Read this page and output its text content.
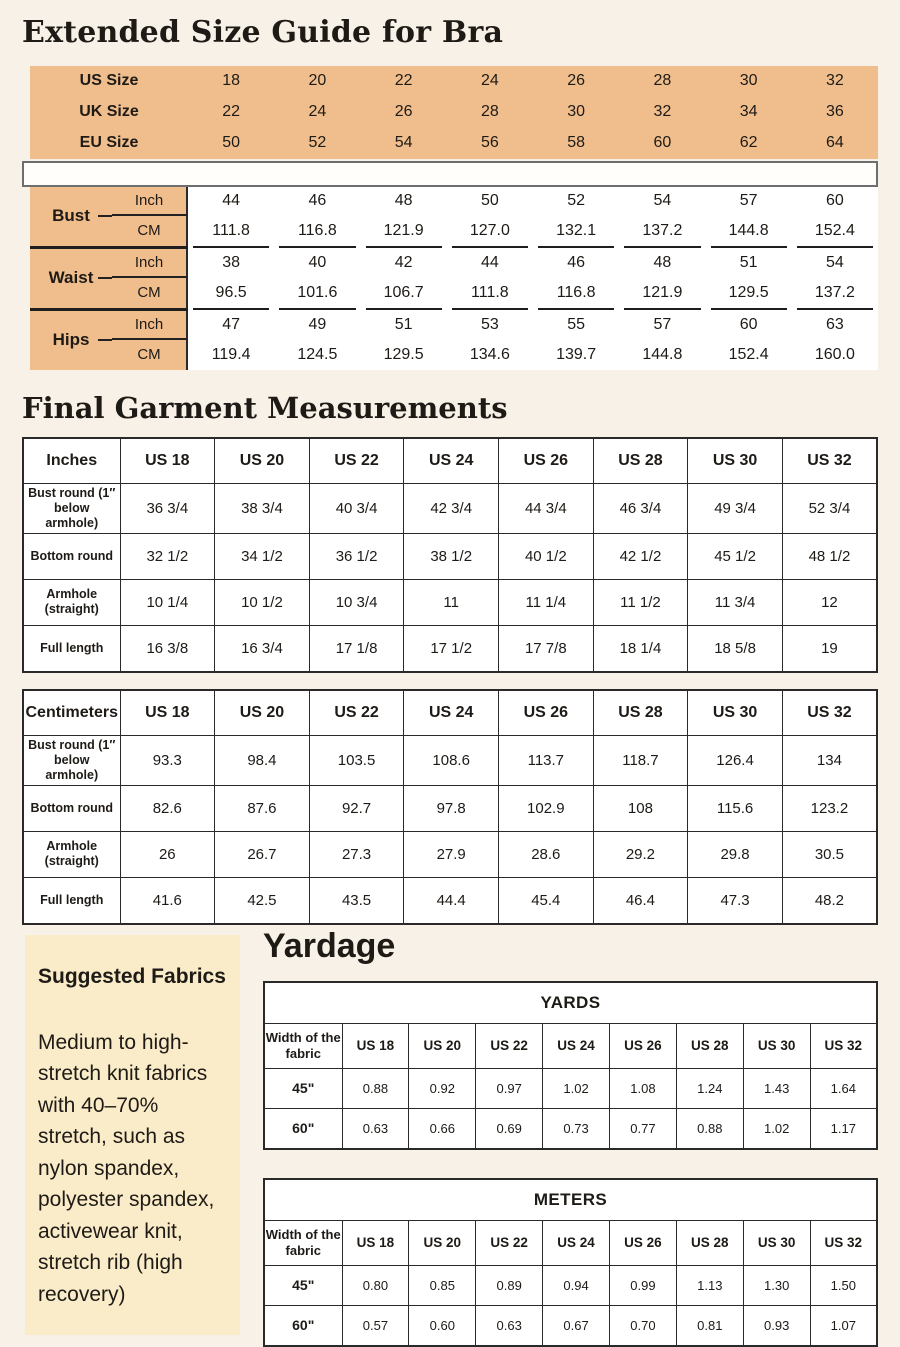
Extended Size Guide for Bra
US Size	18	20	22	24	26	28	30	32
UK Size	22	24	26	28	30	32	34	36
EU Size	50	52	54	56	58	60	62	64
Bust
Inch	44	46	48	50	52	54	57	60
CM	111.8	116.8	121.9	127.0	132.1	137.2	144.8	152.4
Waist
Inch	38	40	42	44	46	48	51	54
CM	96.5	101.6	106.7	111.8	116.8	121.9	129.5	137.2
Hips
Inch	47	49	51	53	55	57	60	63
CM	119.4	124.5	129.5	134.6	139.7	144.8	152.4	160.0
Final Garment Measurements
Inches	US 18	US 20	US 22	US 24	US 26	US 28	US 30	US 32
Bust round (1″ below armhole)	36 3/4	38 3/4	40 3/4	42 3/4	44 3/4	46 3/4	49 3/4	52 3/4
Bottom round	32 1/2	34 1/2	36 1/2	38 1/2	40 1/2	42 1/2	45 1/2	48 1/2
Armhole (straight)	10 1/4	10 1/2	10 3/4	11	11 1/4	11 1/2	11 3/4	12
Full length	16 3/8	16 3/4	17 1/8	17 1/2	17 7/8	18 1/4	18 5/8	19
Centimeters	US 18	US 20	US 22	US 24	US 26	US 28	US 30	US 32
Bust round (1″ below armhole)	93.3	98.4	103.5	108.6	113.7	118.7	126.4	134
Bottom round	82.6	87.6	92.7	97.8	102.9	108	115.6	123.2
Armhole (straight)	26	26.7	27.3	27.9	28.6	29.2	29.8	30.5
Full length	41.6	42.5	43.5	44.4	45.4	46.4	47.3	48.2
Suggested Fabrics

Medium to high-stretch knit fabrics with 40–70% stretch, such as nylon spandex, polyester spandex, activewear knit, stretch rib (high recovery)

Yardage
YARDS								
Width of the fabric	US 18	US 20	US 22	US 24	US 26	US 28	US 30	US 32
45"	0.88	0.92	0.97	1.02	1.08	1.24	1.43	1.64
60"	0.63	0.66	0.69	0.73	0.77	0.88	1.02	1.17
METERS								
Width of the fabric	US 18	US 20	US 22	US 24	US 26	US 28	US 30	US 32
45"	0.80	0.85	0.89	0.94	0.99	1.13	1.30	1.50
60"	0.57	0.60	0.63	0.67	0.70	0.81	0.93	1.07
